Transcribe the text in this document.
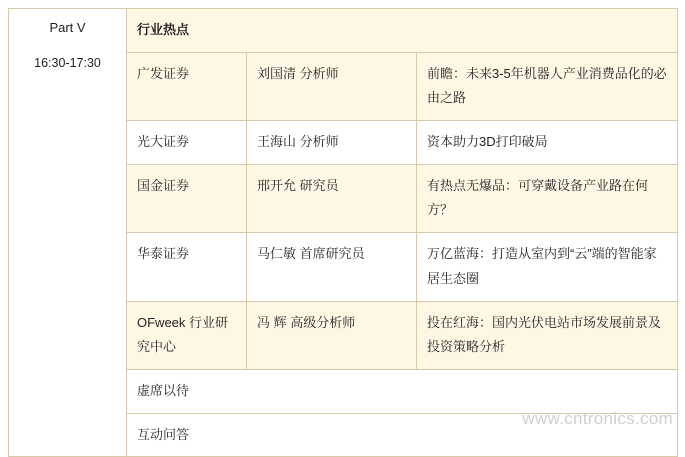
Part V
16:30-17:30	行业热点		
	广发证券	刘国清 分析师	前瞻：未来3-5年机器人产业消费品化的必由之路
	光大证券	王海山 分析师	资本助力3D打印破局
	国金证券	邢开允 研究员	有热点无爆品：可穿戴设备产业路在何方？
	华泰证券	马仁敏 首席研究员	万亿蓝海：打造从室内到“云”端的智能家居生态圈
	OFweek 行业研究中心	冯 辉 高级分析师	投在红海：国内光伏电站市场发展前景及投资策略分析
	虚席以待		
	互动问答		
www.cntronics.com
